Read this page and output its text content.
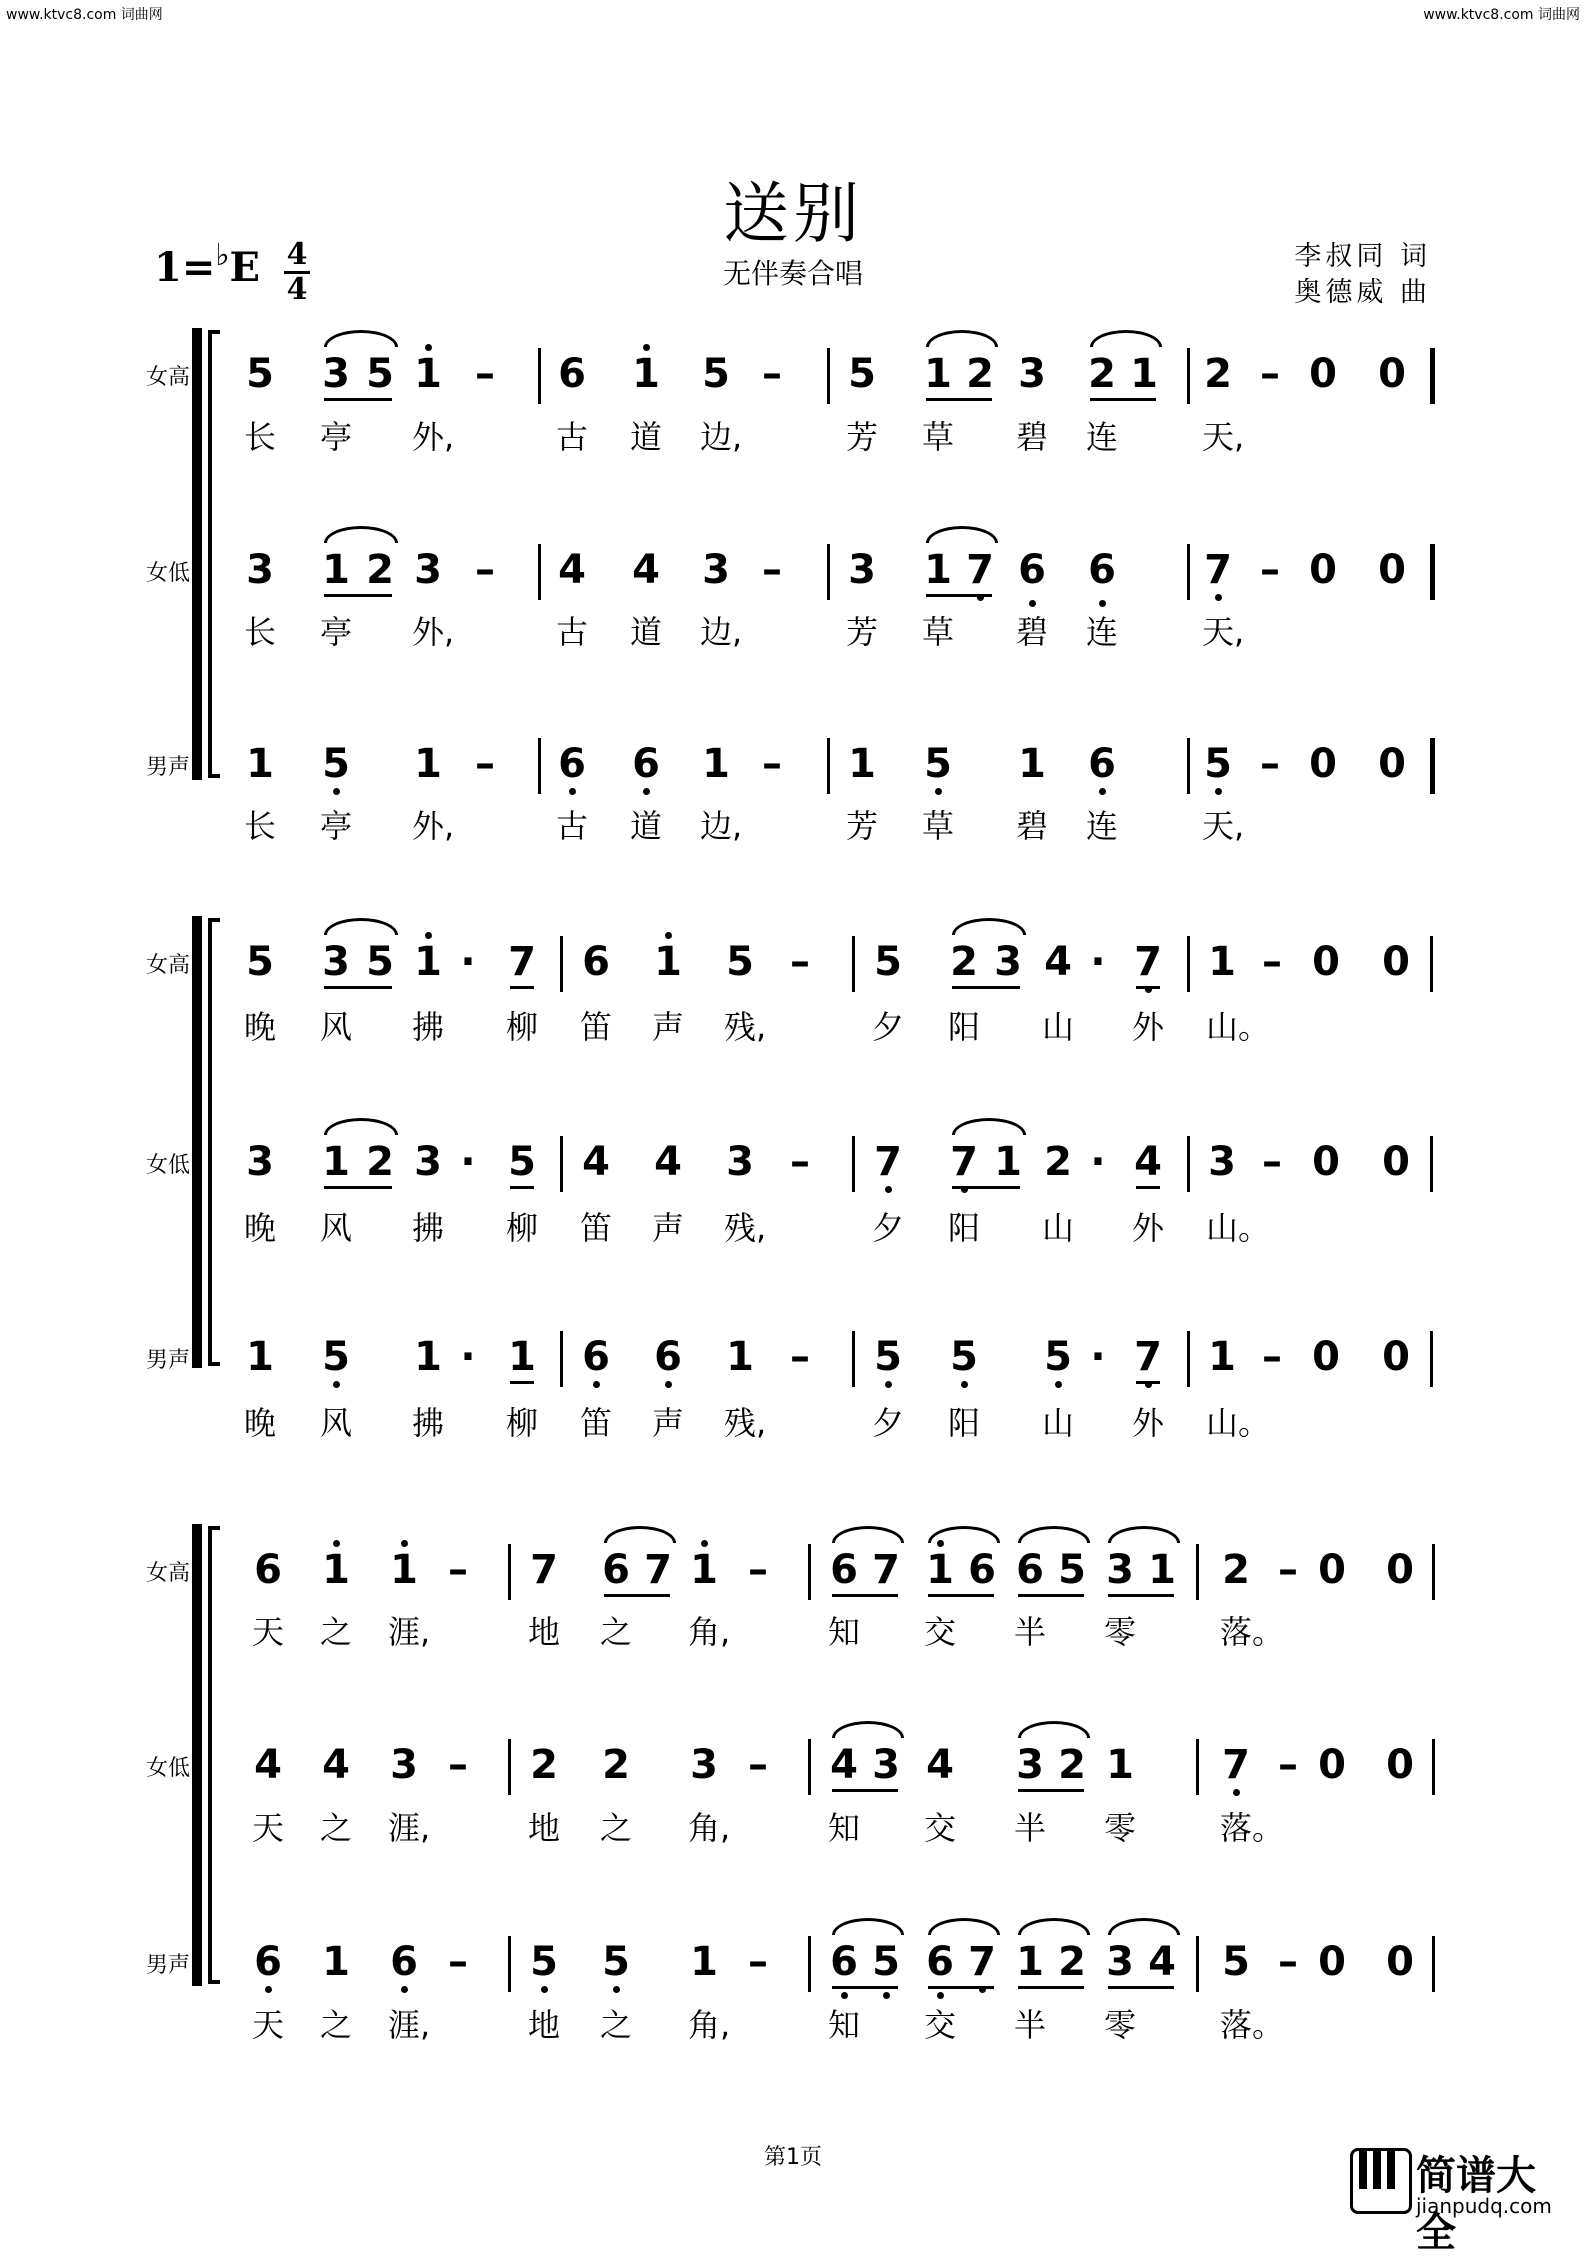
www.ktvc8.com 词曲网	www.ktvc8.com 词曲网
送别
无伴奏合唱
1=♭E 4
4
李叔同 词
奥德威 曲
女高
女低
男声
5 3 5 1 – 6 1 5 – 5 1 2 3 2 1 2 – 0 0
长 亭 外,	古 道 边,	芳 草 碧 连	天,
3 1 2 3 – 4 4 3 – 3 1 7 6 6 7 – 0 0
长 亭 外,	古 道 边,	芳 草 碧 连	天,
1 5 1 – 6 6 1 – 1 5 1 6 5 – 0 0
长 亭 外,	古 道 边,	芳 草 碧 连	天,
女高
女低
男声
5 3 5 1 · 7 6 1 5 – 5 2 3 4 · 7 1 – 0 0
晚 风 拂 柳 笛 声 残,	夕 阳 山 外 山。
3 1 2 3 · 5 4 4 3 – 7 7 1 2 · 4 3 – 0 0
晚 风 拂 柳 笛 声 残,	夕 阳 山 外 山。
1 5 1 · 1 6 6 1 – 5 5 5 · 7 1 – 0 0
晚 风 拂 柳 笛 声 残,	夕 阳 山 外 山。
女高
女低
男声
6 1 1 – 7 6 7 1 – 6 7 1 6 6 5 3 1 2 – 0 0
天 之 涯,	地 之 角,	知 交 半 零	落。
4 4 3 – 2 2 3 – 4 3 4 3 2 1 7 – 0 0
天 之 涯,	地 之 角,	知 交 半 零	落。
6 1 6 – 5 5 1 – 6 5 6 7 1 2 3 4 5 – 0 0
天 之 涯,	地 之 角,	知 交 半 零	落。
第1页	简谱大全
jianpudq.com
